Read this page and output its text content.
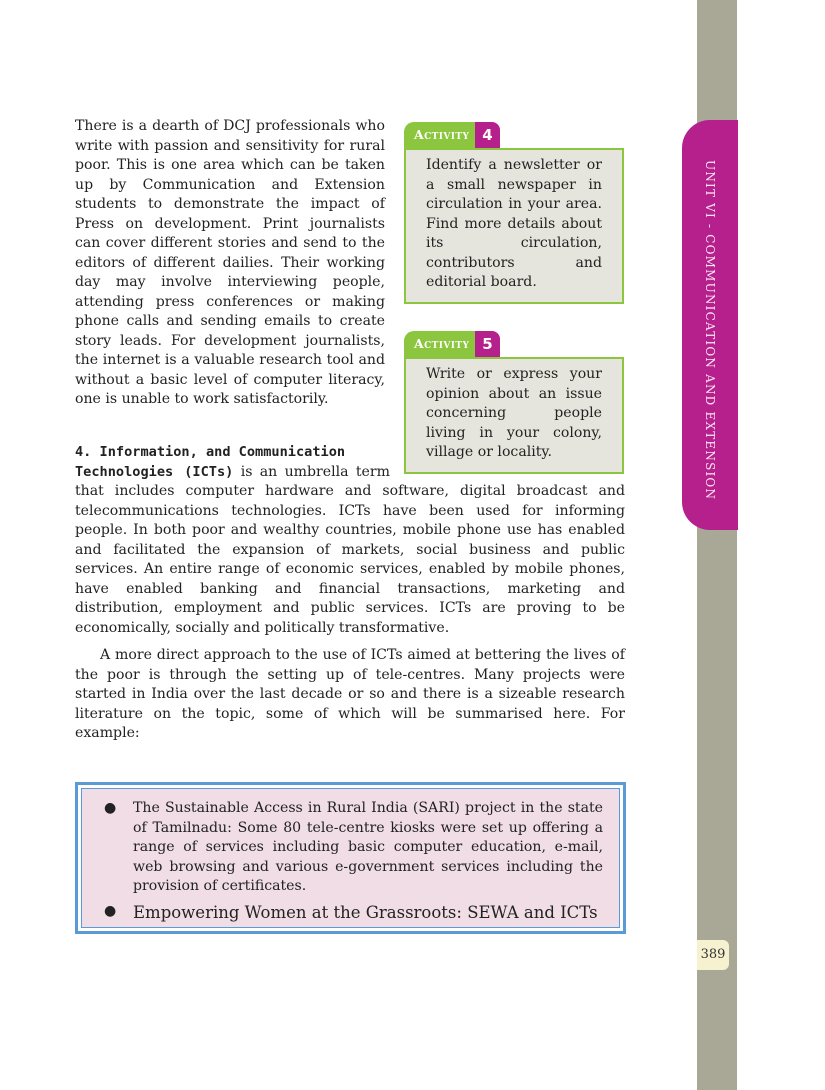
UNIT VI - COMMUNICATION AND EXTENSION
389

There is a dearth of DCJ professionals who write with passion and sensitivity for rural poor. This is one area which can be taken up by Communication and Extension students to demonstrate the impact of Press on development. Print journalists can cover different stories and send to the editors of different dailies. Their working day may involve interviewing people, attending press conferences or making phone calls and sending emails to create story leads. For development journalists, the internet is a valuable research tool and without a basic level of computer literacy, one is unable to work satisfactorily.

Activity 4
Identify a newsletter or a small newspaper in circulation in your area. Find more details about its circulation, contributors and editorial board.
Activity 5
Write or express your opinion about an issue concerning people living in your colony, village or locality.

4. Information, and Communication
Technologies (ICTs) is an umbrella term that includes computer hardware and software, digital broadcast and telecommunications technologies. ICTs have been used for informing people. In both poor and wealthy countries, mobile phone use has enabled and facilitated the expansion of markets, social business and public services. An entire range of economic services, enabled by mobile phones, have enabled banking and financial transactions, marketing and distribution, employment and public services. ICTs are proving to be economically, socially and politically transformative.

A more direct approach to the use of ICTs aimed at bettering the lives of the poor is through the setting up of tele-centres. Many projects were started in India over the last decade or so and there is a sizeable research literature on the topic, some of which will be summarised here. For example:

● The Sustainable Access in Rural India (SARI) project in the state of Tamilnadu: Some 80 tele-centre kiosks were set up offering a range of services including basic computer education, e-mail, web browsing and various e-government services including the provision of certificates.
● Empowering Women at the Grassroots: SEWA and ICTs
